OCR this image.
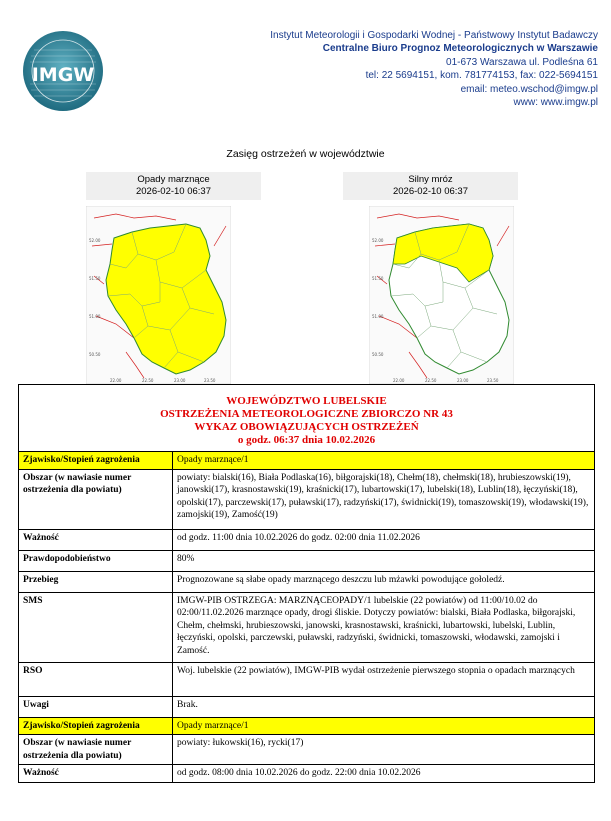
IMGW
Instytut Meteorologii i Gospodarki Wodnej - Państwowy Instytut Badawczy
Centralne Biuro Prognoz Meteorologicznych w Warszawie
01-673 Warszawa ul. Podleśna 61
tel: 22 5694151, kom. 781774153, fax: 022-5694151
email: meteo.wschod@imgw.pl
www: www.imgw.pl
Zasięg ostrzeżeń w województwie
Opady marznące
2026-02-10 06:37
52.00
51.50
51.00
50.50
22.00	22.50	23.00	23.50
Silny mróz
2026-02-10 06:37
52.00
51.50
51.00
50.50
22.00	22.50	23.00	23.50
WOJEWÓDZTWO LUBELSKIE
OSTRZEŻENIA METEOROLOGICZNE ZBIORCZO NR 43
WYKAZ OBOWIĄZUJĄCYCH OSTRZEŻEŃ
o godz. 06:37 dnia 10.02.2026	

Zjawisko/Stopień zagrożenia	Opady marznące/1
Obszar (w nawiasie numer ostrzeżenia dla powiatu)	powiaty: bialski(16), Biała Podlaska(16), biłgorajski(18), Chełm(18), chełmski(18), hrubieszowski(19), janowski(17), krasnostawski(19), kraśnicki(17), lubartowski(17), lubelski(18), Lublin(18), łęczyński(18), opolski(17), parczewski(17), puławski(17), radzyński(17), świdnicki(19), tomaszowski(19), włodawski(19), zamojski(19), Zamość(19)
Ważność	od godz. 11:00 dnia 10.02.2026 do godz. 02:00 dnia 11.02.2026
Prawdopodobieństwo	80%
Przebieg	Prognozowane są słabe opady marznącego deszczu lub mżawki powodujące gołoledź.
SMS	IMGW-PIB OSTRZEGA: MARZNĄCEOPADY/1 lubelskie (22 powiatów) od 11:00/10.02 do 02:00/11.02.2026 marznące opady, drogi śliskie. Dotyczy powiatów: bialski, Biała Podlaska, biłgorajski, Chełm, chełmski, hrubieszowski, janowski, krasnostawski, kraśnicki, lubartowski, lubelski, Lublin, łęczyński, opolski, parczewski, puławski, radzyński, świdnicki, tomaszowski, włodawski, zamojski i Zamość.
RSO	Woj. lubelskie (22 powiatów), IMGW-PIB wydał ostrzeżenie pierwszego stopnia o opadach marznących
Uwagi	Brak.
Zjawisko/Stopień zagrożenia	Opady marznące/1
Obszar (w nawiasie numer ostrzeżenia dla powiatu)	powiaty: łukowski(16), rycki(17)
Ważność	od godz. 08:00 dnia 10.02.2026 do godz. 22:00 dnia 10.02.2026
